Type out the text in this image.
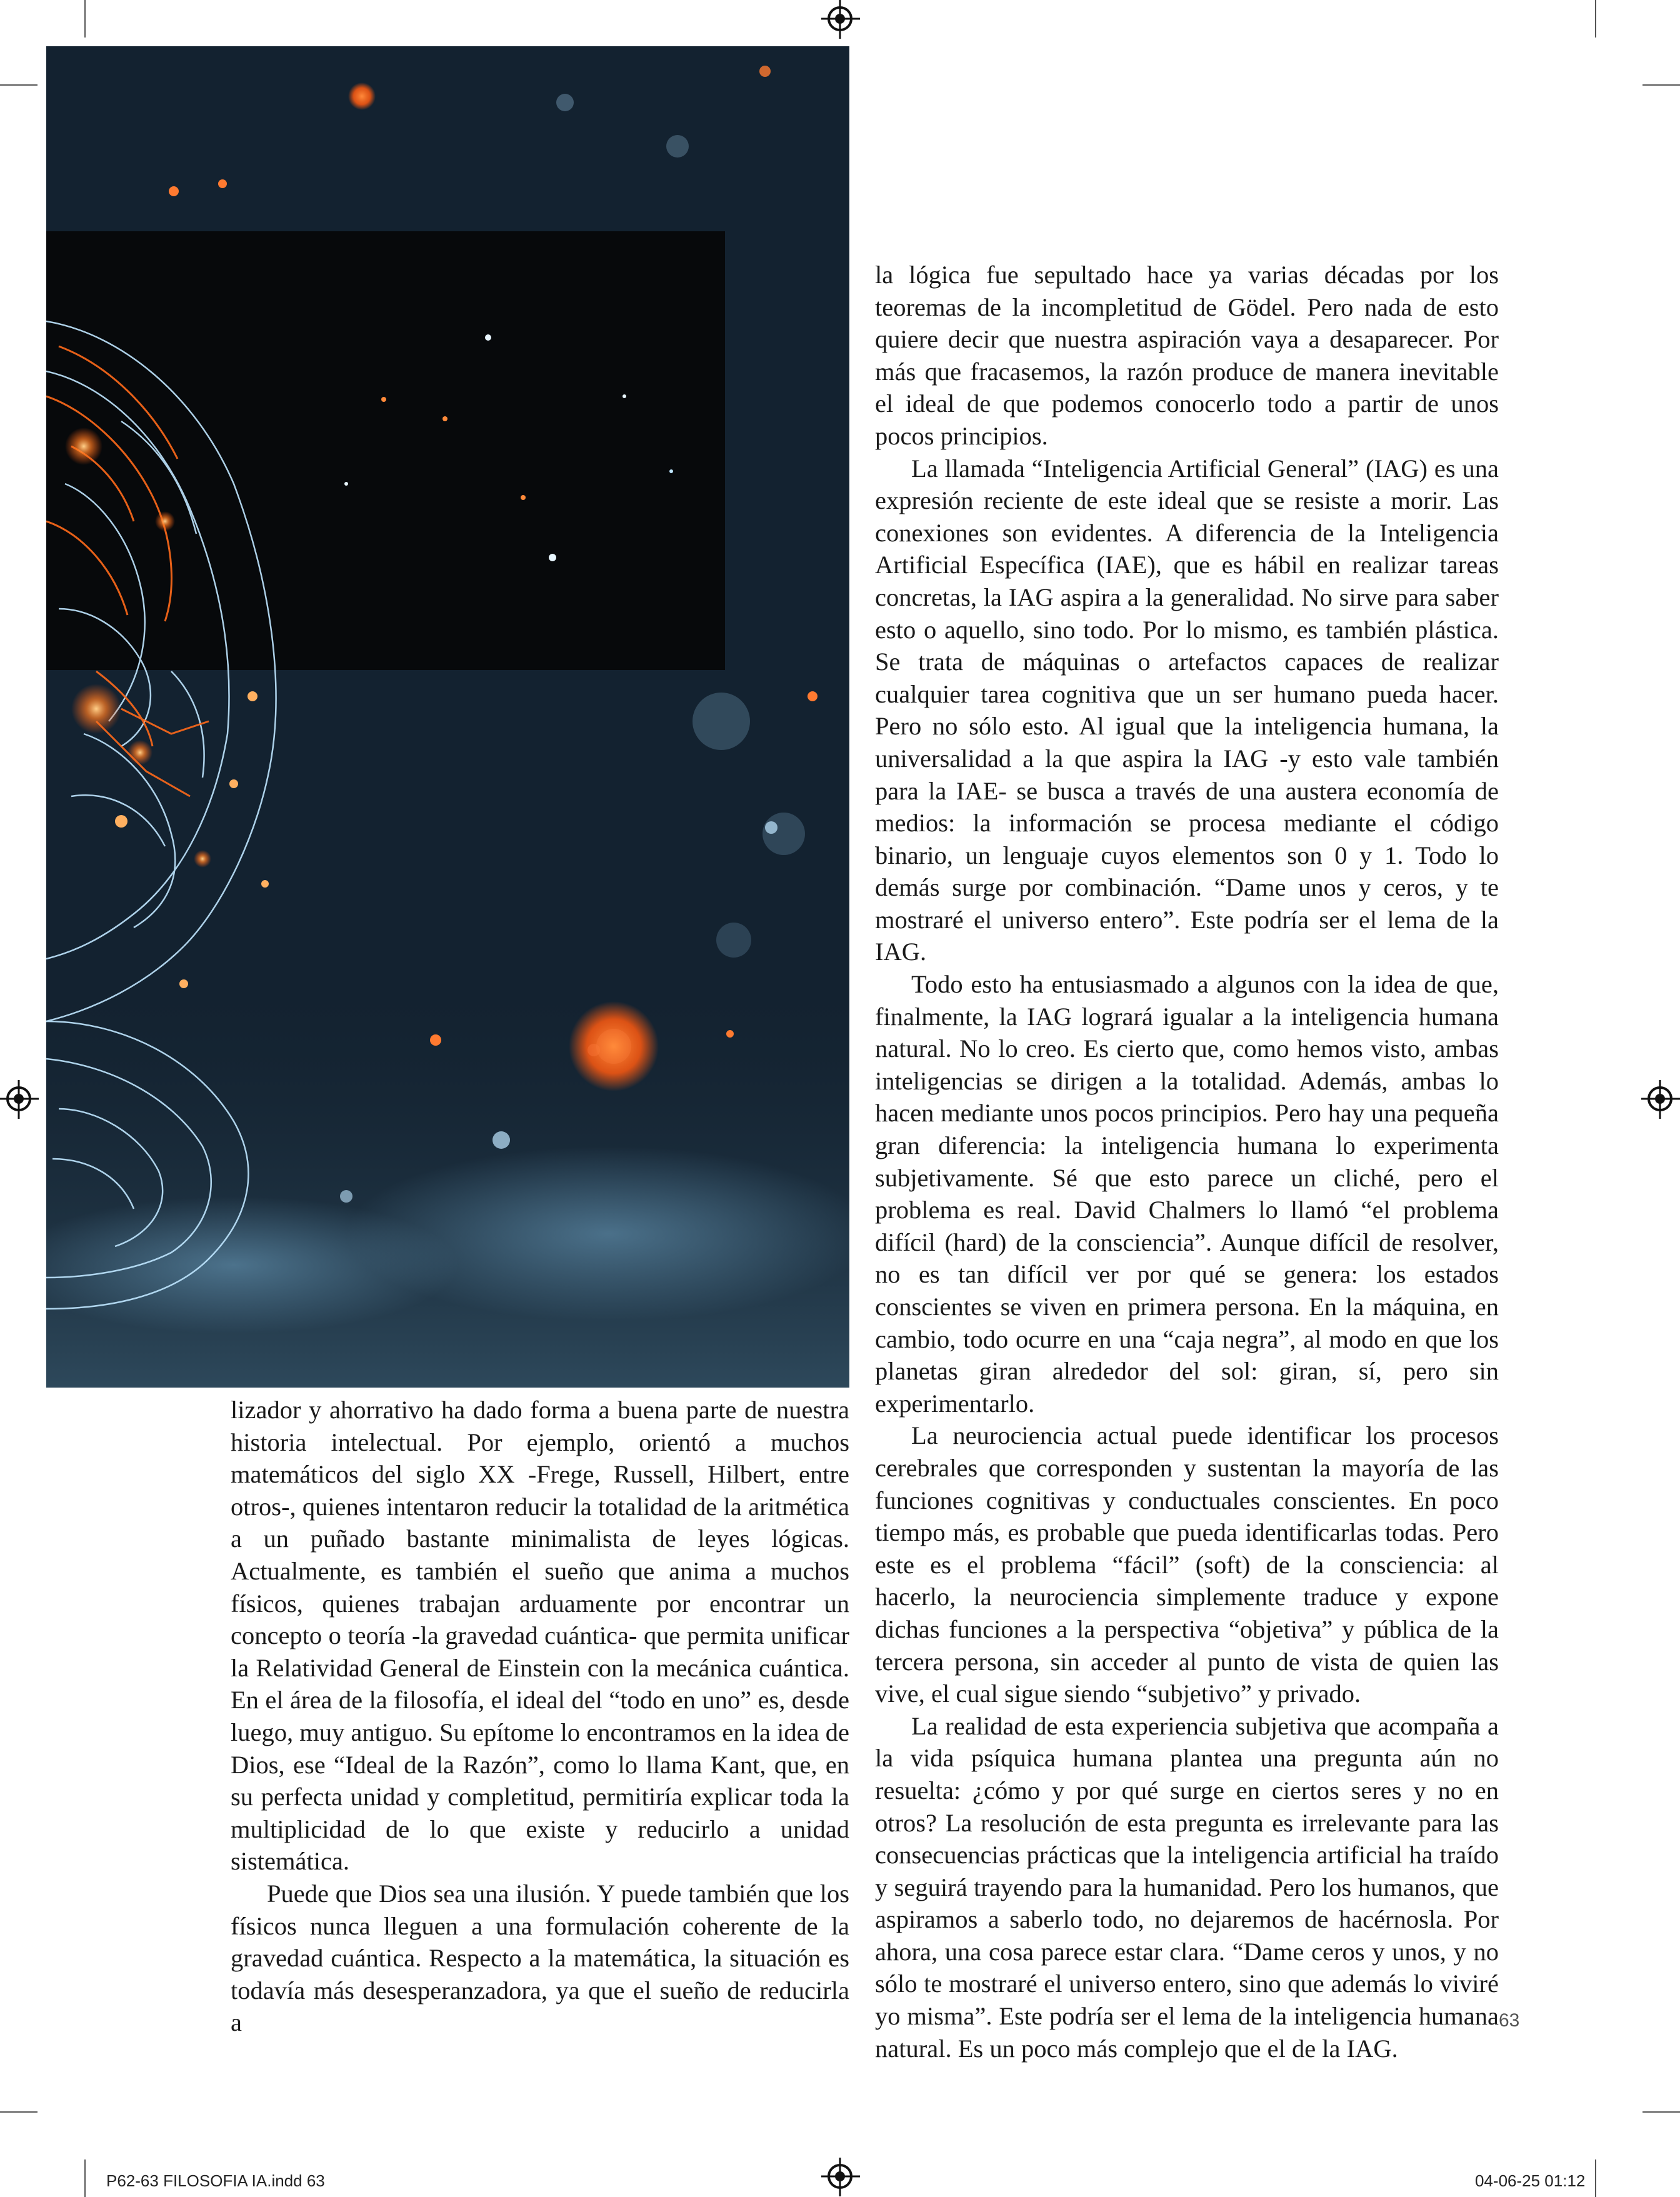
lizador y ahorrativo ha dado forma a buena parte de nuestra historia intelectual. Por ejemplo, orientó a muchos matemáticos del siglo XX -Frege, Russell, Hilbert, entre otros-, quienes intentaron reducir la totalidad de la aritmética a un puñado bastante minimalista de leyes lógicas. Actualmente, es también el sueño que anima a muchos físicos, quienes trabajan arduamente por encontrar un concepto o teoría -la gravedad cuántica- que permita unificar la Relatividad General de Einstein con la mecánica cuántica. En el área de la filosofía, el ideal del “todo en uno” es, desde luego, muy antiguo. Su epítome lo encontramos en la idea de Dios, ese “Ideal de la Razón”, como lo llama Kant, que, en su perfecta unidad y completitud, permitiría explicar toda la multiplicidad de lo que existe y reducirlo a unidad sistemática.

Puede que Dios sea una ilusión. Y puede también que los físicos nunca lleguen a una formulación coherente de la gravedad cuántica. Respecto a la matemática, la situación es todavía más desesperanzadora, ya que el sueño de reducirla a

la lógica fue sepultado hace ya varias décadas por los teoremas de la incompletitud de Gödel. Pero nada de esto quiere decir que nuestra aspiración vaya a desaparecer. Por más que fracasemos, la razón produce de manera inevitable el ideal de que podemos conocerlo todo a partir de unos pocos principios.

La llamada “Inteligencia Artificial General” (IAG) es una expresión reciente de este ideal que se resiste a morir. Las conexiones son evidentes. A diferencia de la Inteligencia Artificial Específica (IAE), que es hábil en realizar tareas concretas, la IAG aspira a la generalidad. No sirve para saber esto o aquello, sino todo. Por lo mismo, es también plástica. Se trata de máquinas o artefactos capaces de realizar cualquier tarea cognitiva que un ser humano pueda hacer. Pero no sólo esto. Al igual que la inteligencia humana, la universalidad a la que aspira la IAG -y esto vale también para la IAE- se busca a través de una austera economía de medios: la información se procesa mediante el código binario, un lenguaje cuyos elementos son 0 y 1. Todo lo demás surge por combinación. “Dame unos y ceros, y te mostraré el universo entero”. Este podría ser el lema de la IAG.

Todo esto ha entusiasmado a algunos con la idea de que, finalmente, la IAG logrará igualar a la inteligencia humana natural. No lo creo. Es cierto que, como hemos visto, ambas inteligencias se dirigen a la totalidad. Además, ambas lo hacen mediante unos pocos principios. Pero hay una pequeña gran diferencia: la inteligencia humana lo experimenta subjetivamente. Sé que esto parece un cliché, pero el problema es real. David Chalmers lo llamó “el problema difícil (hard) de la consciencia”. Aunque difícil de resolver, no es tan difícil ver por qué se genera: los estados conscientes se viven en primera persona. En la máquina, en cambio, todo ocurre en una “caja negra”, al modo en que los planetas giran alrededor del sol: giran, sí, pero sin experimentarlo.

La neurociencia actual puede identificar los procesos cerebrales que corresponden y sustentan la mayoría de las funciones cognitivas y conductuales conscientes. En poco tiempo más, es probable que pueda identificarlas todas. Pero este es el problema “fácil” (soft) de la consciencia: al hacerlo, la neurociencia simplemente traduce y expone dichas funciones a la perspectiva “objetiva” y pública de la tercera persona, sin acceder al punto de vista de quien las vive, el cual sigue siendo “subjetivo” y privado.

La realidad de esta experiencia subjetiva que acompaña a la vida psíquica humana plantea una pregunta aún no resuelta: ¿cómo y por qué surge en ciertos seres y no en otros? La resolución de esta pregunta es irrelevante para las consecuencias prácticas que la inteligencia artificial ha traído y seguirá trayendo para la humanidad. Pero los humanos, que aspiramos a saberlo todo, no dejaremos de hacérnosla. Por ahora, una cosa parece estar clara. “Dame ceros y unos, y no sólo te mostraré el universo entero, sino que además lo viviré yo misma”. Este podría ser el lema de la inteligencia humana natural. Es un poco más complejo que el de la IAG.

63
P62-63 FILOSOFIA IA.indd 63	04-06-25 01:12
